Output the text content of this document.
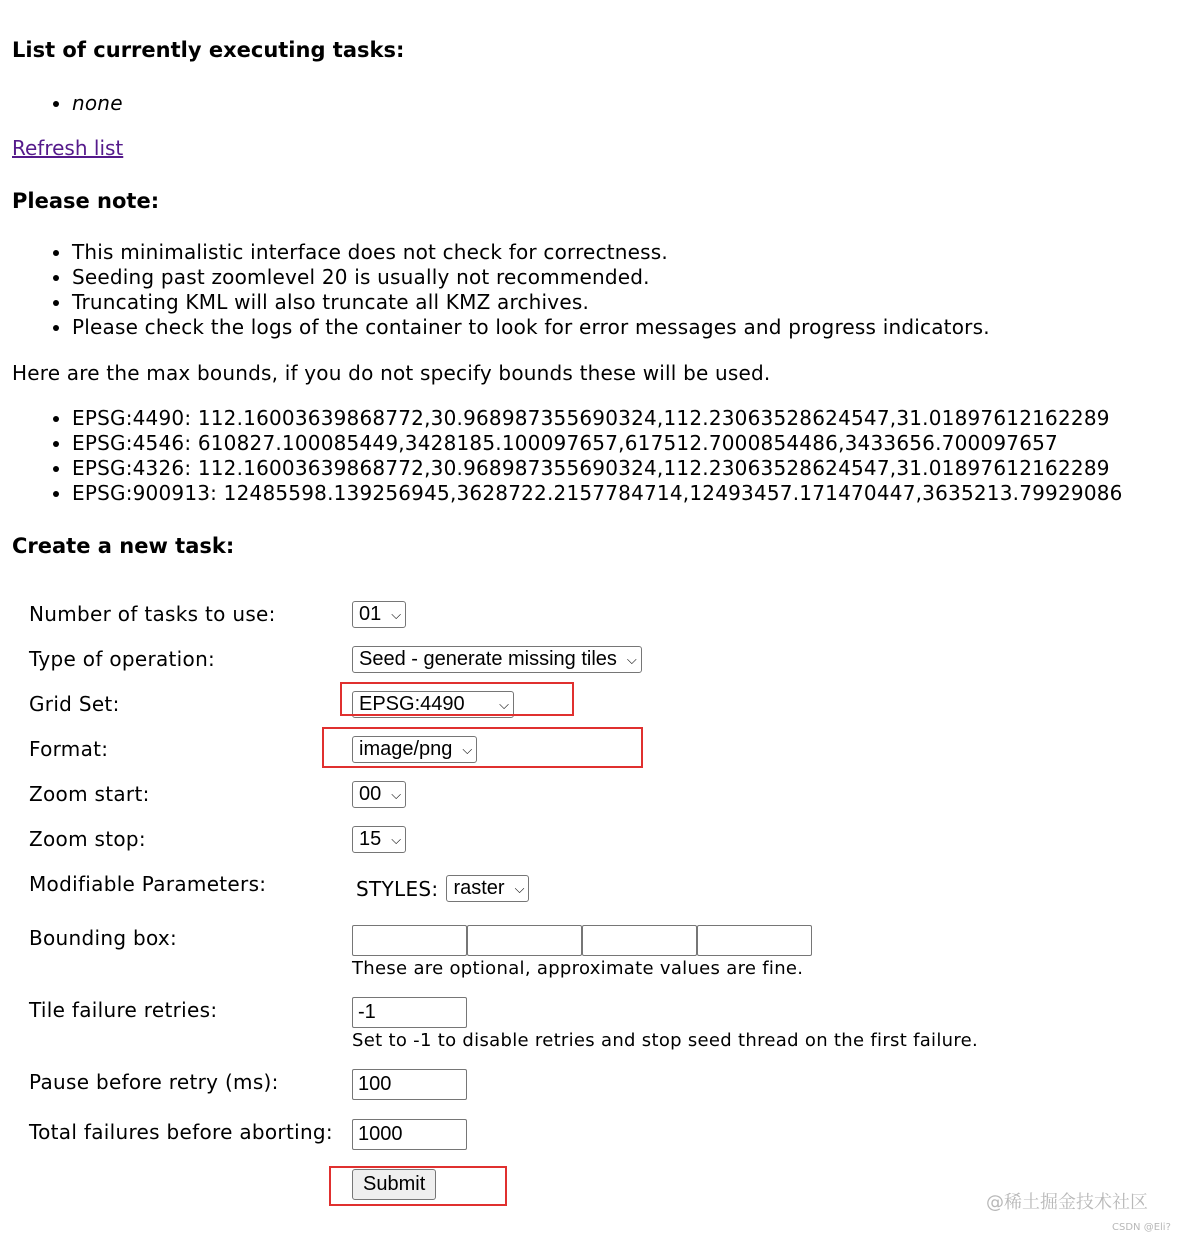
List of currently executing tasks:
• none
Refresh list
Please note:
• This minimalistic interface does not check for correctness.
• Seeding past zoomlevel 20 is usually not recommended.
• Truncating KML will also truncate all KMZ archives.
• Please check the logs of the container to look for error messages and progress indicators.
Here are the max bounds, if you do not specify bounds these will be used.
• EPSG:4490: 112.16003639868772,30.968987355690324,112.23063528624547,31.01897612162289
• EPSG:4546: 610827.100085449,3428185.100097657,617512.7000854486,3433656.700097657
• EPSG:4326: 112.16003639868772,30.968987355690324,112.23063528624547,31.01897612162289
• EPSG:900913: 12485598.139256945,3628722.2157784714,12493457.171470447,3635213.79929086
Create a new task:
Number of tasks to use:	01 ⌵
Type of operation:	Seed - generate missing tiles ⌵
Grid Set:	EPSG:4490	⌵
Format:	image/png ⌵
Zoom start:	00 ⌵
Zoom stop:	15 ⌵
Modifiable Parameters:	STYLES: raster ⌵
Bounding box:
These are optional, approximate values are fine.
Tile failure retries:	-1
Set to -1 to disable retries and stop seed thread on the first failure.
Pause before retry (ms):	100
Total failures before aborting:	1000
Submit
@稀土掘金技术社区
CSDN @Eli?
